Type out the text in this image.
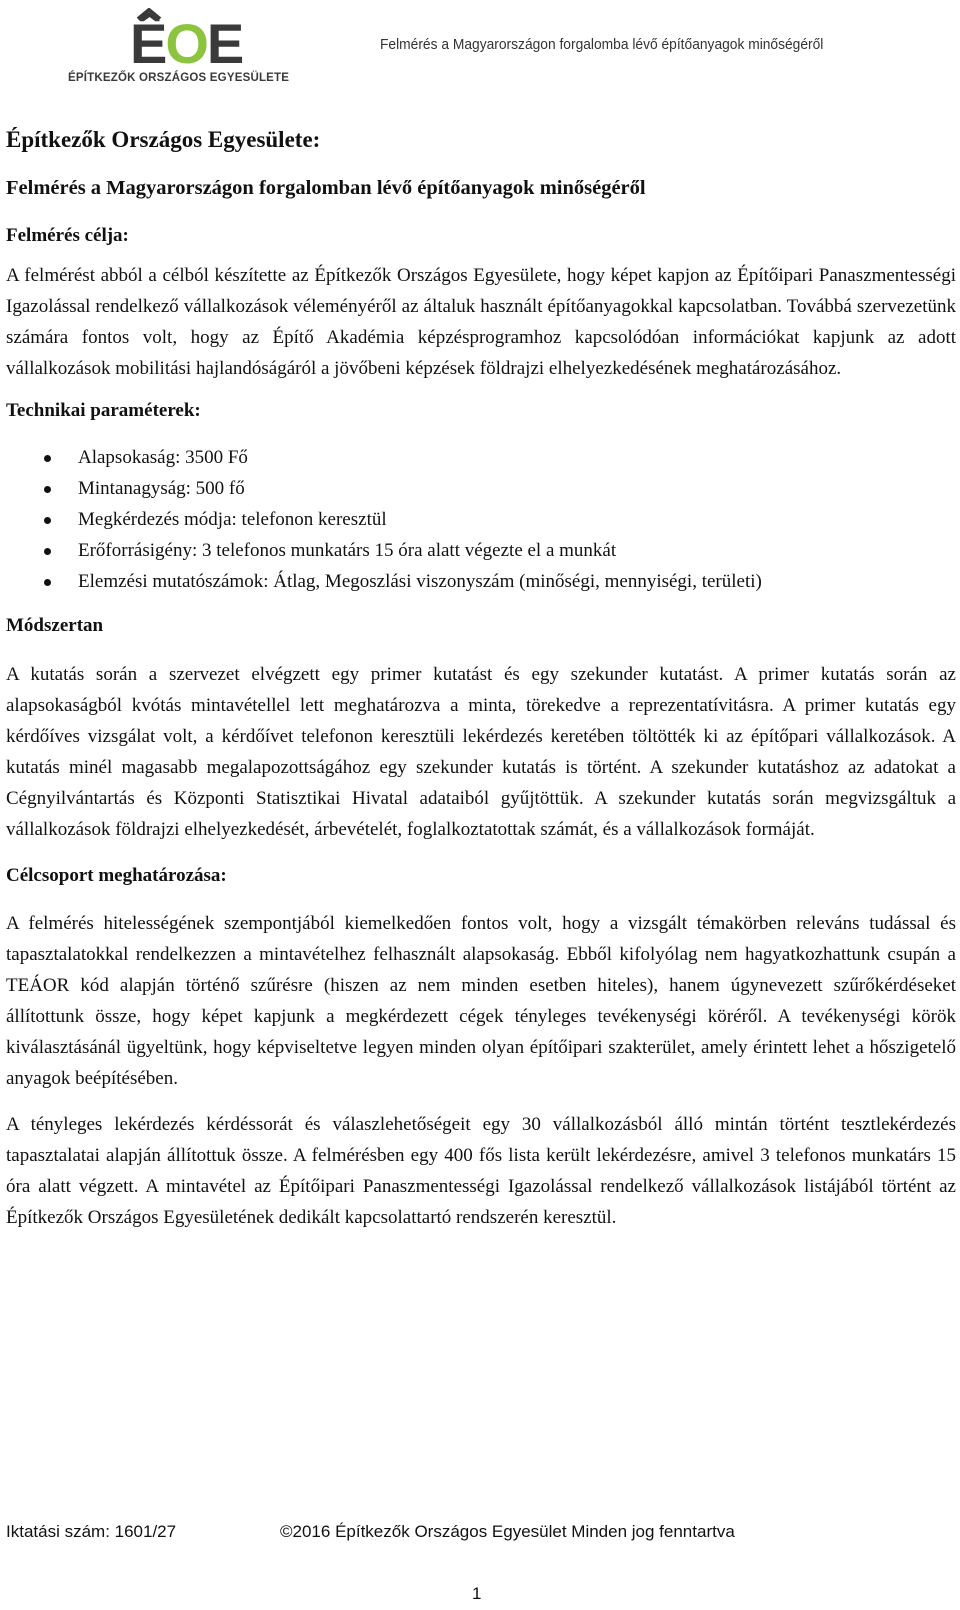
ÊOE
ÉPÍTKEZŐK ORSZÁGOS EGYESÜLETE
Felmérés a Magyarországon forgalomba lévő építőanyagok minőségéről
Építkezők Országos Egyesülete:
Felmérés a Magyarországon forgalomban lévő építőanyagok minőségéről
Felmérés célja:
A felmérést abból a célból készítette az Építkezők Országos Egyesülete, hogy képet kapjon az Építőipari Panaszmentességi Igazolással rendelkező vállalkozások véleményéről az általuk használt építőanyagokkal kapcsolatban. Továbbá szervezetünk számára fontos volt, hogy az Építő Akadémia képzésprogramhoz kapcsolódóan információkat kapjunk az adott vállalkozások mobilitási hajlandóságáról a jövőbeni képzések földrajzi elhelyezkedésének meghatározásához.
Technikai paraméterek:
Alapsokaság: 3500 Fő
Mintanagyság: 500 fő
Megkérdezés módja: telefonon keresztül
Erőforrásigény: 3 telefonos munkatárs 15 óra alatt végezte el a munkát
Elemzési mutatószámok: Átlag, Megoszlási viszonyszám (minőségi, mennyiségi, területi)
Módszertan
A kutatás során a szervezet elvégzett egy primer kutatást és egy szekunder kutatást. A primer kutatás során az alapsokaságból kvótás mintavétellel lett meghatározva a minta, törekedve a reprezentatívitásra. A primer kutatás egy kérdőíves vizsgálat volt, a kérdőívet telefonon keresztüli lekérdezés keretében töltötték ki az építőpari vállalkozások. A kutatás minél magasabb megalapozottságához egy szekunder kutatás is történt. A szekunder kutatáshoz az adatokat a Cégnyilvántartás és Központi Statisztikai Hivatal adataiból gyűjtöttük. A szekunder kutatás során megvizsgáltuk a vállalkozások földrajzi elhelyezkedését, árbevételét, foglalkoztatottak számát, és a vállalkozások formáját.
Célcsoport meghatározása:
A felmérés hitelességének szempontjából kiemelkedően fontos volt, hogy a vizsgált témakörben releváns tudással és tapasztalatokkal rendelkezzen a mintavételhez felhasznált alapsokaság. Ebből kifolyólag nem hagyatkozhattunk csupán a TEÁOR kód alapján történő szűrésre (hiszen az nem minden esetben hiteles), hanem úgynevezett szűrőkérdéseket állítottunk össze, hogy képet kapjunk a megkérdezett cégek tényleges tevékenységi köréről. A tevékenységi körök kiválasztásánál ügyeltünk, hogy képviseltetve legyen minden olyan építőipari szakterület, amely érintett lehet a hőszigetelő anyagok beépítésében.
A tényleges lekérdezés kérdéssorát és válaszlehetőségeit egy 30 vállalkozásból álló mintán történt tesztlekérdezés tapasztalatai alapján állítottuk össze. A felmérésben egy 400 fős lista került lekérdezésre, amivel 3 telefonos munkatárs 15 óra alatt végzett. A mintavétel az Építőipari Panaszmentességi Igazolással rendelkező vállalkozások listájából történt az Építkezők Országos Egyesületének dedikált kapcsolattartó rendszerén keresztül.
Iktatási szám: 1601/27	©2016 Építkezők Országos Egyesület Minden jog fenntartva
1
